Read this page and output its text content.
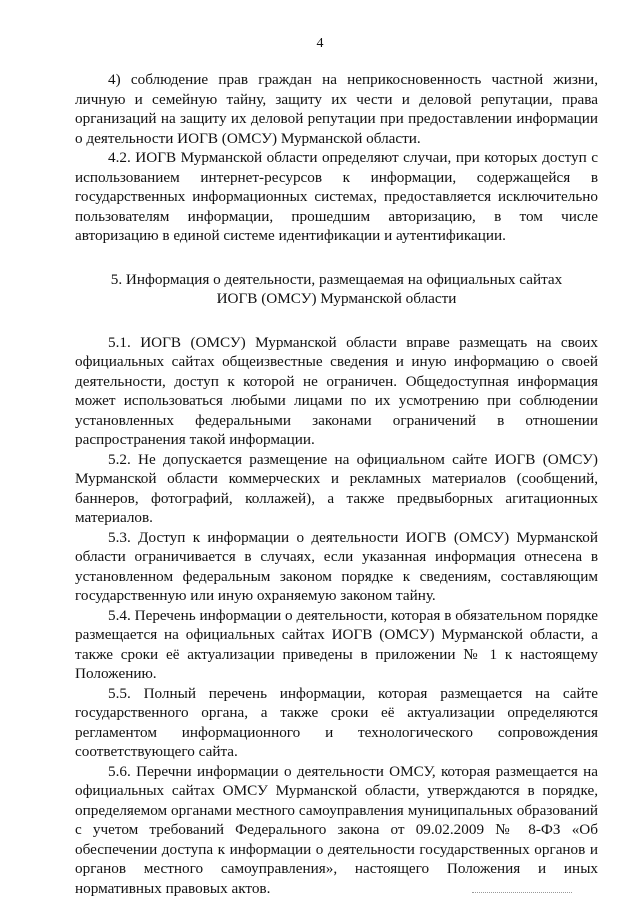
4

4) соблюдение прав граждан на неприкосновенность частной жизни, личную и семейную тайну, защиту их чести и деловой репутации, права организаций на защиту их деловой репутации при предоставлении информации о деятельности ИОГВ (ОМСУ) Мурманской области.

4.2. ИОГВ Мурманской области определяют случаи, при которых доступ с использованием интернет-ресурсов к информации, содержащейся в государственных информационных системах, предоставляется исключительно пользователям информации, прошедшим авторизацию, в том числе авторизацию в единой системе идентификации и аутентификации.

5. Информация о деятельности, размещаемая на официальных сайтах
ИОГВ (ОМСУ) Мурманской области

5.1. ИОГВ (ОМСУ) Мурманской области вправе размещать на своих официальных сайтах общеизвестные сведения и иную информацию о своей деятельности, доступ к которой не ограничен. Общедоступная информация может использоваться любыми лицами по их усмотрению при соблюдении установленных федеральными законами ограничений в отношении распространения такой информации.

5.2. Не допускается размещение на официальном сайте ИОГВ (ОМСУ) Мурманской области коммерческих и рекламных материалов (сообщений, баннеров, фотографий, коллажей), а также предвыборных агитационных материалов.

5.3. Доступ к информации о деятельности ИОГВ (ОМСУ) Мурманской области ограничивается в случаях, если указанная информация отнесена в установленном федеральным законом порядке к сведениям, составляющим государственную или иную охраняемую законом тайну.

5.4. Перечень информации о деятельности, которая в обязательном порядке размещается на официальных сайтах ИОГВ (ОМСУ) Мурманской области, а также сроки её актуализации приведены в приложении № 1 к настоящему Положению.

5.5. Полный перечень информации, которая размещается на сайте государственного органа, а также сроки её актуализации определяются регламентом информационного и технологического сопровождения соответствующего сайта.

5.6. Перечни информации о деятельности ОМСУ, которая размещается на официальных сайтах ОМСУ Мурманской области, утверждаются в порядке, определяемом органами местного самоуправления муниципальных образований с учетом требований Федерального закона от 09.02.2009 № 8-ФЗ «Об обеспечении доступа к информации о деятельности государственных органов и органов местного самоуправления», настоящего Положения и иных нормативных правовых актов.
